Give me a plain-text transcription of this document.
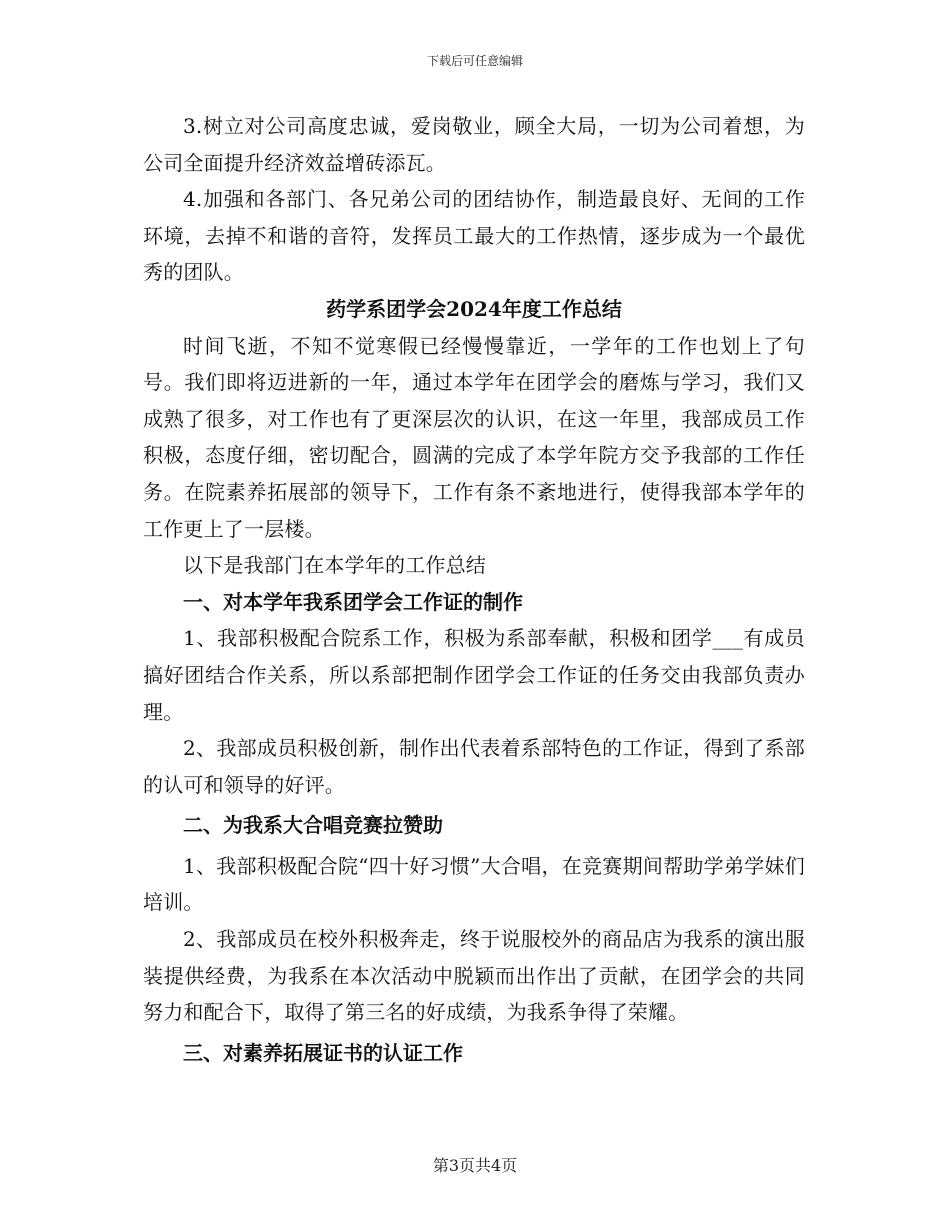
下载后可任意编辑

3.树立对公司高度忠诚，爱岗敬业，顾全大局，一切为公司着想，为公司全面提升经济效益增砖添瓦。

4.加强和各部门、各兄弟公司的团结协作，制造最良好、无间的工作环境，去掉不和谐的音符，发挥员工最大的工作热情，逐步成为一个最优秀的团队。

药学系团学会2024年度工作总结

时间飞逝，不知不觉寒假已经慢慢靠近，一学年的工作也划上了句号。我们即将迈进新的一年，通过本学年在团学会的磨炼与学习，我们又成熟了很多，对工作也有了更深层次的认识，在这一年里，我部成员工作积极，态度仔细，密切配合，圆满的完成了本学年院方交予我部的工作任务。在院素养拓展部的领导下，工作有条不紊地进行，使得我部本学年的工作更上了一层楼。

以下是我部门在本学年的工作总结

一、对本学年我系团学会工作证的制作

1、我部积极配合院系工作，积极为系部奉献，积极和团学___有成员搞好团结合作关系，所以系部把制作团学会工作证的任务交由我部负责办理。

2、我部成员积极创新，制作出代表着系部特色的工作证，得到了系部的认可和领导的好评。

二、为我系大合唱竞赛拉赞助

1、我部积极配合院“四十好习惯”大合唱，在竞赛期间帮助学弟学妹们培训。

2、我部成员在校外积极奔走，终于说服校外的商品店为我系的演出服装提供经费，为我系在本次活动中脱颖而出作出了贡献，在团学会的共同努力和配合下，取得了第三名的好成绩，为我系争得了荣耀。

三、对素养拓展证书的认证工作

第3页共4页
